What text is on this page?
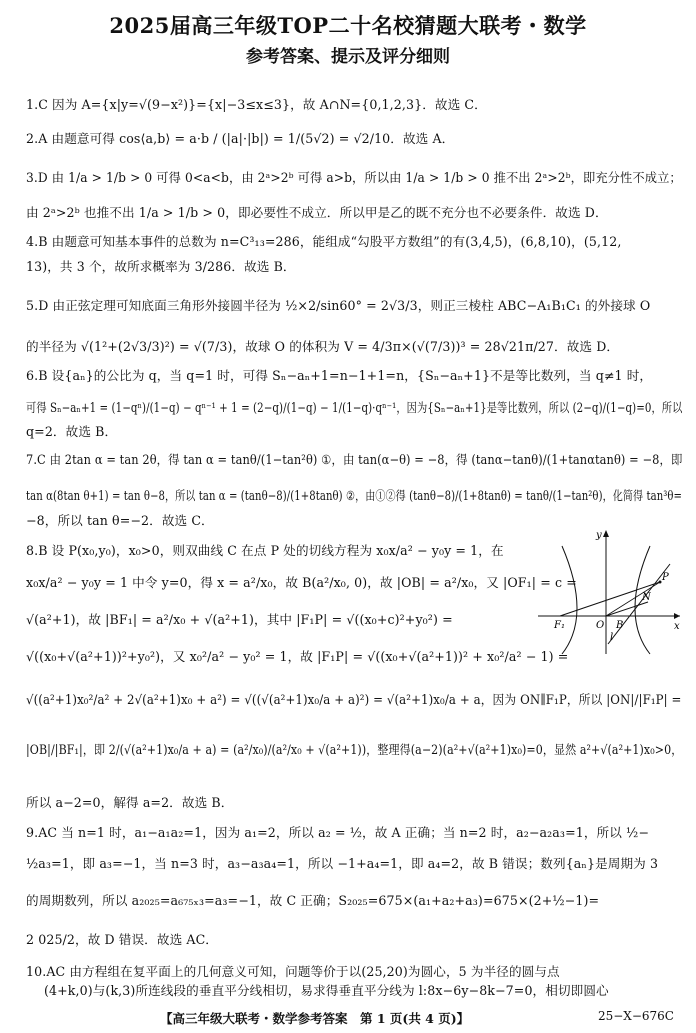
2025届高三年级TOP二十名校猜题大联考・数学
参考答案、提示及评分细则
1.C 因为 A={x|y=√(9−x²)}={x|−3≤x≤3}，故 A∩N={0,1,2,3}．故选 C．
2.A 由题意可得 cos⟨a,b⟩ = a·b / (|a|·|b|) = 1/(5√2) = √2/10．故选 A．
3.D 由 1/a > 1/b > 0 可得 0<a<b，由 2ᵃ>2ᵇ 可得 a>b，所以由 1/a > 1/b > 0 推不出 2ᵃ>2ᵇ，即充分性不成立；
由 2ᵃ>2ᵇ 也推不出 1/a > 1/b > 0，即必要性不成立．所以甲是乙的既不充分也不必要条件．故选 D．
4.B 由题意可知基本事件的总数为 n=C³₁₃=286，能组成“勾股平方数组”的有(3,4,5)，(6,8,10)，(5,12,
13)，共 3 个，故所求概率为 3/286．故选 B．
5.D 由正弦定理可知底面三角形外接圆半径为 ½×2/sin60° = 2√3/3，则正三棱柱 ABC−A₁B₁C₁ 的外接球 O
的半径为 √(1²+(2√3/3)²) = √(7/3)，故球 O 的体积为 V = 4/3π×(√(7/3))³ = 28√21π/27．故选 D．
6.B 设{aₙ}的公比为 q，当 q=1 时，可得 Sₙ−aₙ+1=n−1+1=n，{Sₙ−aₙ+1}不是等比数列，当 q≠1 时，
可得 Sₙ−aₙ+1 = (1−qⁿ)/(1−q) − qⁿ⁻¹ + 1 = (2−q)/(1−q) − 1/(1−q)·qⁿ⁻¹，因为{Sₙ−aₙ+1}是等比数列，所以 (2−q)/(1−q)=0，所以
q=2．故选 B．
7.C 由 2tan α = tan 2θ，得 tan α = tanθ/(1−tan²θ) ①，由 tan(α−θ) = −8，得 (tanα−tanθ)/(1+tanαtanθ) = −8，即
tan α(8tan θ+1) = tan θ−8，所以 tan α = (tanθ−8)/(1+8tanθ) ②，由①②得 (tanθ−8)/(1+8tanθ) = tanθ/(1−tan²θ)，化简得 tan³θ=
−8，所以 tan θ=−2．故选 C．
8.B 设 P(x₀,y₀)，x₀>0，则双曲线 C 在点 P 处的切线方程为 x₀x/a² − y₀y = 1，在
x₀x/a² − y₀y = 1 中令 y=0，得 x = a²/x₀，故 B(a²/x₀, 0)，故 |OB| = a²/x₀，又 |OF₁| = c =
√(a²+1)，故 |BF₁| = a²/x₀ + √(a²+1)，其中 |F₁P| = √((x₀+c)²+y₀²) =
√((x₀+√(a²+1))²+y₀²)，又 x₀²/a² − y₀² = 1，故 |F₁P| = √((x₀+√(a²+1))² + x₀²/a² − 1) =
√((a²+1)x₀²/a² + 2√(a²+1)x₀ + a²) = √((√(a²+1)x₀/a + a)²) = √(a²+1)x₀/a + a，因为 ON∥F₁P，所以 |ON|/|F₁P| =
|OB|/|BF₁|，即 2/(√(a²+1)x₀/a + a) = (a²/x₀)/(a²/x₀ + √(a²+1))，整理得(a−2)(a²+√(a²+1)x₀)=0，显然 a²+√(a²+1)x₀>0，
所以 a−2=0，解得 a=2．故选 B．
9.AC 当 n=1 时，a₁−a₁a₂=1，因为 a₁=2，所以 a₂ = ½，故 A 正确；当 n=2 时，a₂−a₂a₃=1，所以 ½−
½a₃=1，即 a₃=−1，当 n=3 时，a₃−a₃a₄=1，所以 −1+a₄=1，即 a₄=2，故 B 错误；数列{aₙ}是周期为 3
的周期数列，所以 a₂₀₂₅=a₆₇₅ₓ₃=a₃=−1，故 C 正确；S₂₀₂₅=675×(a₁+a₂+a₃)=675×(2+½−1)=
2 025/2，故 D 错误．故选 AC．
10.AC 由方程组在复平面上的几何意义可知，问题等价于以(25,20)为圆心，5 为半径的圆与点
(4+k,0)与(k,3)所连线段的垂直平分线相切，易求得垂直平分线为 l:8x−6y−8k−7=0，相切即圆心
y
x
O
F₁	B
P
N
l
【高三年级大联考・数学参考答案　第 1 页(共 4 页)】	25−X−676C
